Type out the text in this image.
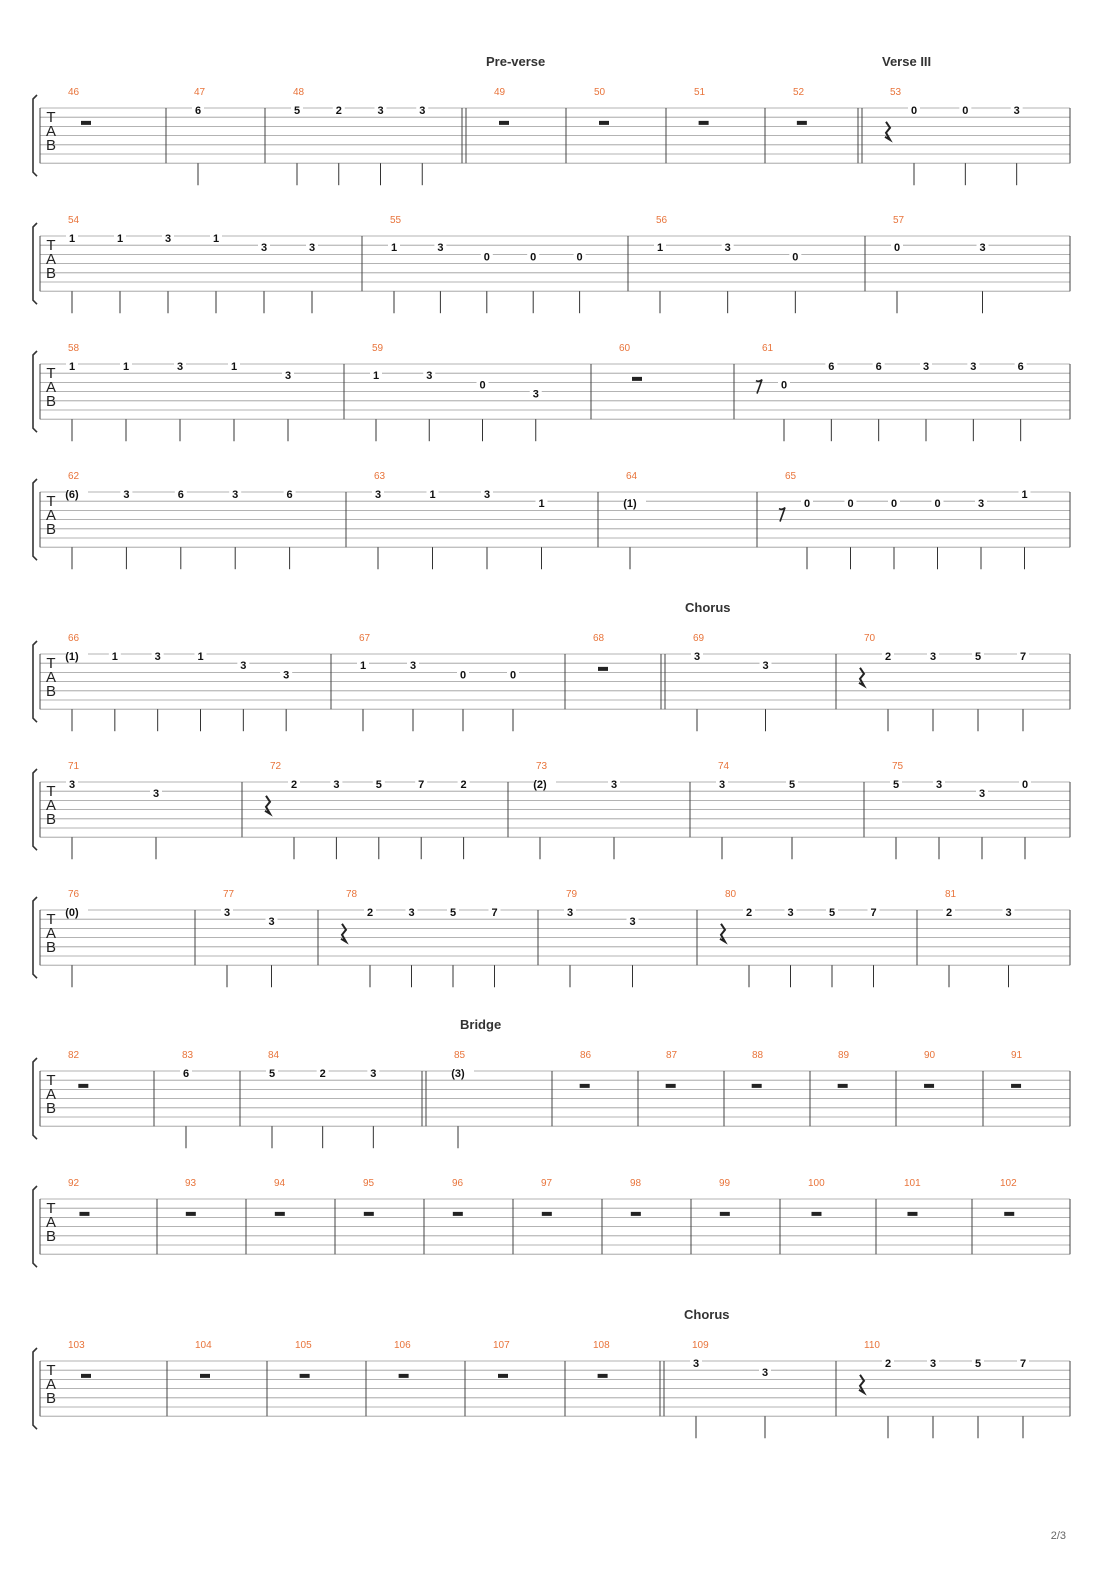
T
A
B
46	47
6
48
5	2	3	3
49
Pre-verse
50	51	52	53
Verse III
0	0	3
T
A
B
54
1	1	3	1
3	3
55
1	3
0	0	0
56
1	3
0
57
0	3
T
A
B
58
1	1	3	1
3
59
1	3
0
3
60	61
0
6	6	3	3	6
T
A
B
62
(6)	3	6	3	6
63
3	1	3
1
64
(1)
65
0	0	0	0	3
1
T
A
B
66
(1)	1	3	1
3
3
67
1	3
0	0
68	69
Chorus
3
3
70
2	3	5	7
T
A
B
71
3
3
72
2	3	5	7	2
73
(2)	3
74
3	5
75
5	3
3
0
T
A
B
76
(0)
77
3
3
78
2	3	5	7
79
3
3
80
2	3	5	7
81
2	3
T
A
B
82	83
6
84
Bridge
5	2	3
85
(3)
86	87	88	89	90	91
T
A
B
92	93	94	95	96	97	98	99	100	101	102
T
A
B
103	104	105	106	107	108	109
Chorus
3
3
110
2	3	5	7
2/3
